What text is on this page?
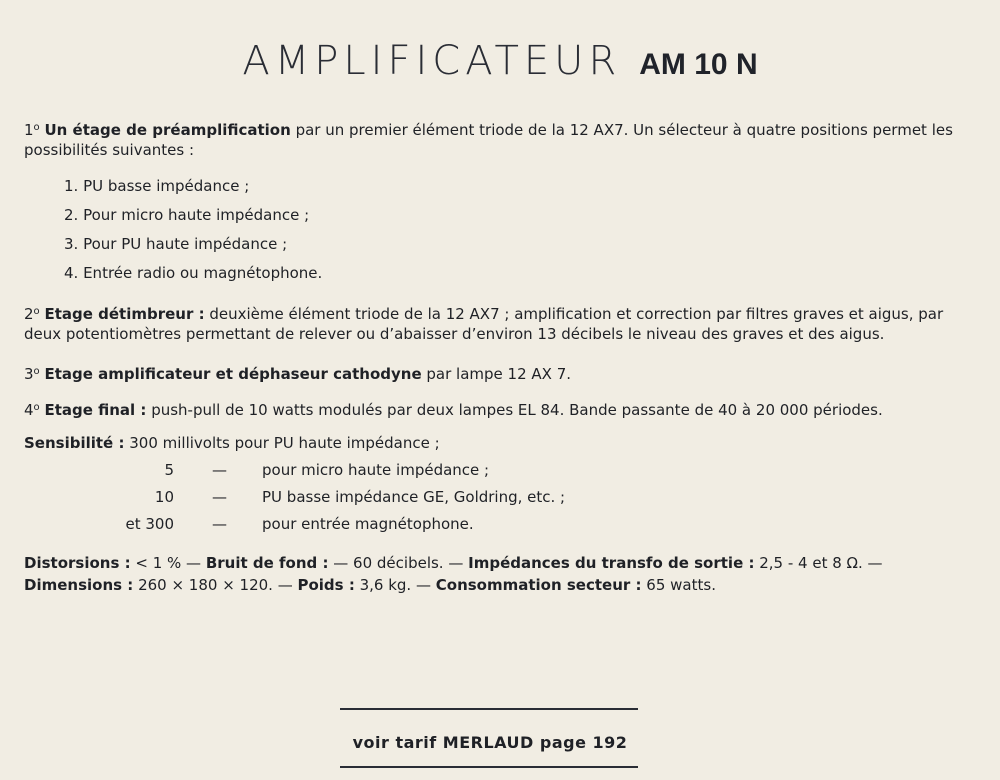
AMPLIFICATEUR AM 10 N

1$^o$ Un étage de préamplification par un premier élément triode de la 12 AX7. Un sélecteur à quatre positions permet les possibilités suivantes :

1. PU basse impédance ;
2. Pour micro haute impédance ;
3. Pour PU haute impédance ;
4. Entrée radio ou magnétophone.

2$^o$ Etage détimbreur : deuxième élément triode de la 12 AX7 ; amplification et correction par filtres graves et aigus, par deux potentiomètres permettant de relever ou d’abaisser d’environ 13 décibels le niveau des graves et des aigus.

3$^o$ Etage amplificateur et déphaseur cathodyne par lampe 12 AX 7.

4$^o$ Etage final : push-pull de 10 watts modulés par deux lampes EL 84. Bande passante de 40 à 20 000 périodes.

Sensibilité : 300 millivolts pour PU haute impédance ;
5	— pour micro haute impédance ;
10	— PU basse impédance GE, Goldring, etc. ;
et 300	— pour entrée magnétophone.

Distorsions : < 1 % — Bruit de fond : — 60 décibels. — Impédances du transfo de sortie : 2,5 - 4 et 8 Ω. — Dimensions : 260 × 180 × 120. — Poids : 3,6 kg. — Consommation secteur : 65 watts.

voir tarif MERLAUD page 192
